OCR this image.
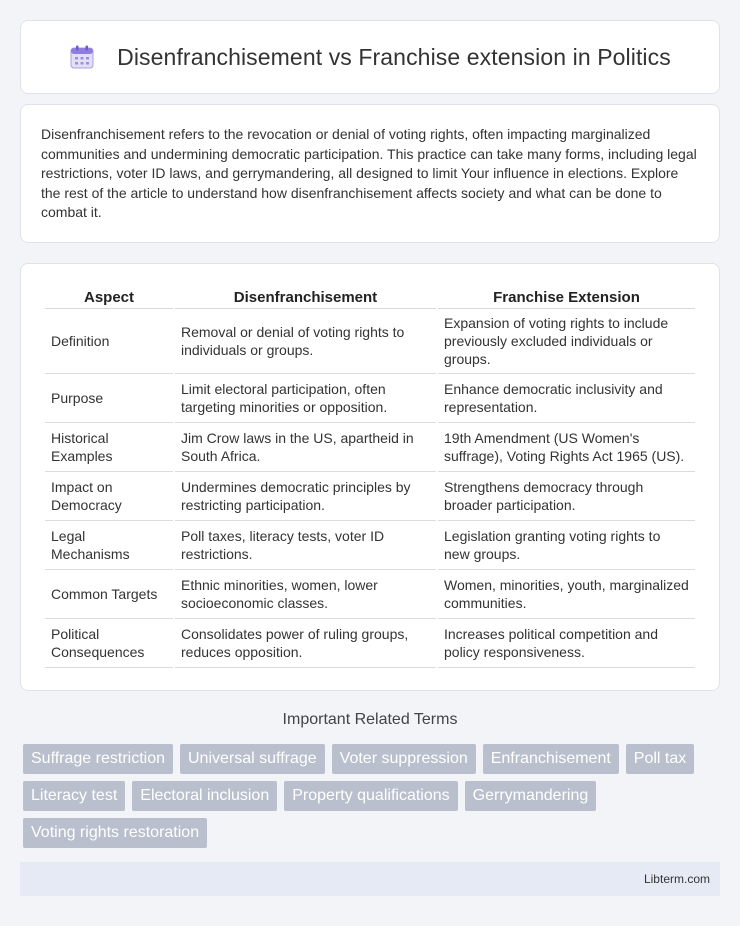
Disenfranchisement vs Franchise extension in Politics

Disenfranchisement refers to the revocation or denial of voting rights, often impacting marginalized communities and undermining democratic participation. This practice can take many forms, including legal restrictions, voter ID laws, and gerrymandering, all designed to limit Your influence in elections. Explore the rest of the article to understand how disenfranchisement affects society and what can be done to combat it.

Aspect	Disenfranchisement	Franchise Extension
Definition	Removal or denial of voting rights to individuals or groups.	Expansion of voting rights to include previously excluded individuals or groups.
Purpose	Limit electoral participation, often targeting minorities or opposition.	Enhance democratic inclusivity and representation.
Historical Examples	Jim Crow laws in the US, apartheid in South Africa.	19th Amendment (US Women's suffrage), Voting Rights Act 1965 (US).
Impact on Democracy	Undermines democratic principles by restricting participation.	Strengthens democracy through broader participation.
Legal Mechanisms	Poll taxes, literacy tests, voter ID restrictions.	Legislation granting voting rights to new groups.
Common Targets	Ethnic minorities, women, lower socioeconomic classes.	Women, minorities, youth, marginalized communities.
Political Consequences	Consolidates power of ruling groups, reduces opposition.	Increases political competition and policy responsiveness.
Important Related Terms
Suffrage restriction	Universal suffrage	Voter suppression	Enfranchisement	Poll tax
Literacy test	Electoral inclusion	Property qualifications	Gerrymandering
Voting rights restoration
Libterm.com
